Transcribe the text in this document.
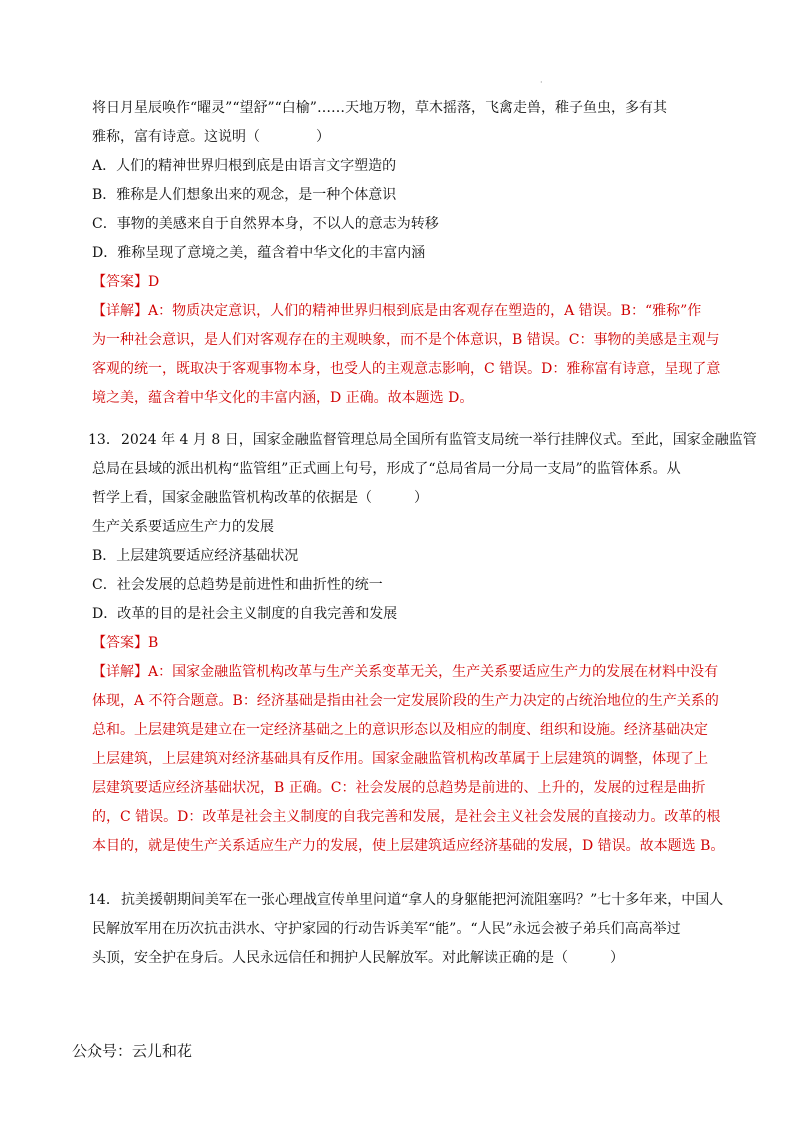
·
将日月星辰唤作“曜灵”“望舒”“白榆”……天地万物，草木摇落，飞禽走兽，稚子鱼虫，多有其
雅称，富有诗意。这说明（　　　　）
A．人们的精神世界归根到底是由语言文字塑造的
B．雅称是人们想象出来的观念，是一种个体意识
C．事物的美感来自于自然界本身，不以人的意志为转移
D．雅称呈现了意境之美，蕴含着中华文化的丰富内涵
【答案】D
【详解】A：物质决定意识，人们的精神世界归根到底是由客观存在塑造的，A 错误。B：“雅称”作
为一种社会意识，是人们对客观存在的主观映象，而不是个体意识，B 错误。C：事物的美感是主观与
客观的统一，既取决于客观事物本身，也受人的主观意志影响，C 错误。D：雅称富有诗意，呈现了意
境之美，蕴含着中华文化的丰富内涵，D 正确。故本题选 D。
13． 2024 年 4 月 8 日，国家金融监督管理总局全国所有监管支局统一举行挂牌仪式。至此，国家金融监管
总局在县域的派出机构“监管组”正式画上句号，形成了“总局省局一分局一支局”的监管体系。从
哲学上看，国家金融监管机构改革的依据是（　　　）
生产关系要适应生产力的发展
B．上层建筑要适应经济基础状况
C．社会发展的总趋势是前进性和曲折性的统一
D．改革的目的是社会主义制度的自我完善和发展
【答案】B
【详解】A：国家金融监管机构改革与生产关系变革无关，生产关系要适应生产力的发展在材料中没有
体现，A 不符合题意。B：经济基础是指由社会一定发展阶段的生产力决定的占统治地位的生产关系的
总和。上层建筑是建立在一定经济基础之上的意识形态以及相应的制度、组织和设施。经济基础决定
上层建筑，上层建筑对经济基础具有反作用。国家金融监管机构改革属于上层建筑的调整，体现了上
层建筑要适应经济基础状况，B 正确。C：社会发展的总趋势是前进的、上升的，发展的过程是曲折
的，C 错误。D：改革是社会主义制度的自我完善和发展，是社会主义社会发展的直接动力。改革的根
本目的，就是使生产关系适应生产力的发展，使上层建筑适应经济基础的发展，D 错误。故本题选 B。
14． 抗美援朝期间美军在一张心理战宣传单里问道“拿人的身躯能把河流阻塞吗？”七十多年来，中国人
民解放军用在历次抗击洪水、守护家园的行动告诉美军“能”。“人民”永远会被子弟兵们高高举过
头顶，安全护在身后。人民永远信任和拥护人民解放军。对此解读正确的是（　　　）
公众号：云儿和花
